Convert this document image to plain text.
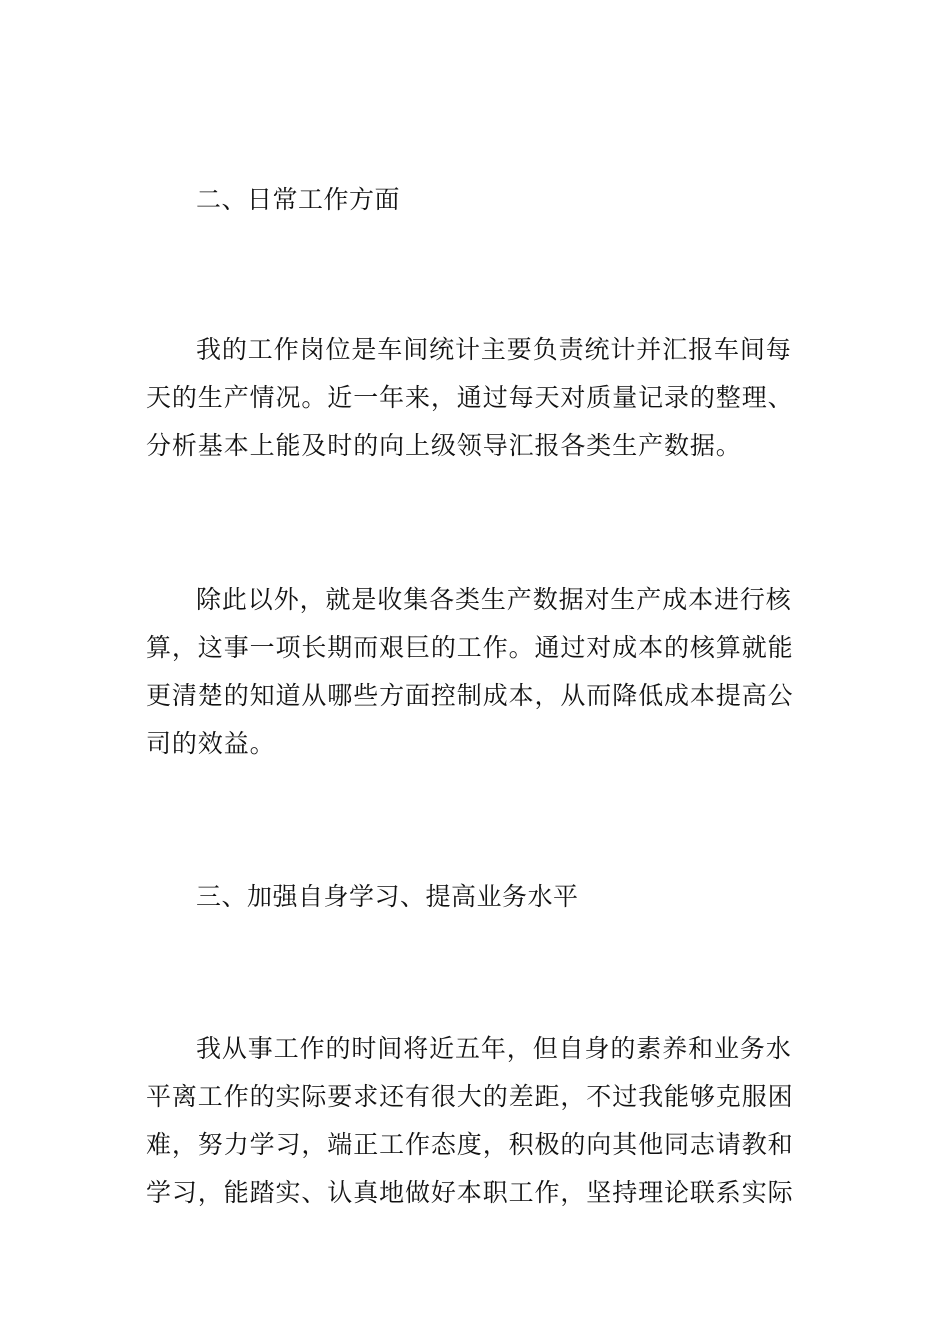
二、日常工作方面
我的工作岗位是车间统计主要负责统计并汇报车间每
天的生产情况。近一年来，通过每天对质量记录的整理、
分析基本上能及时的向上级领导汇报各类生产数据。
除此以外，就是收集各类生产数据对生产成本进行核
算，这事一项长期而艰巨的工作。通过对成本的核算就能
更清楚的知道从哪些方面控制成本，从而降低成本提高公
司的效益。
三、加强自身学习、提高业务水平
我从事工作的时间将近五年，但自身的素养和业务水
平离工作的实际要求还有很大的差距，不过我能够克服困
难，努力学习，端正工作态度，积极的向其他同志请教和
学习，能踏实、认真地做好本职工作，坚持理论联系实际
